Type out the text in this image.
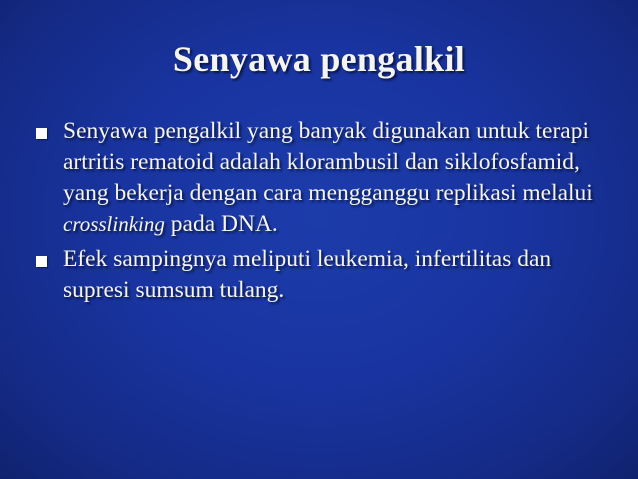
Senyawa pengalkil
Senyawa pengalkil yang banyak digunakan untuk terapi artritis rematoid adalah klorambusil dan siklofosfamid, yang bekerja dengan cara mengganggu replikasi melalui crosslinking pada DNA.
Efek sampingnya meliputi leukemia, infertilitas dan supresi sumsum tulang.
